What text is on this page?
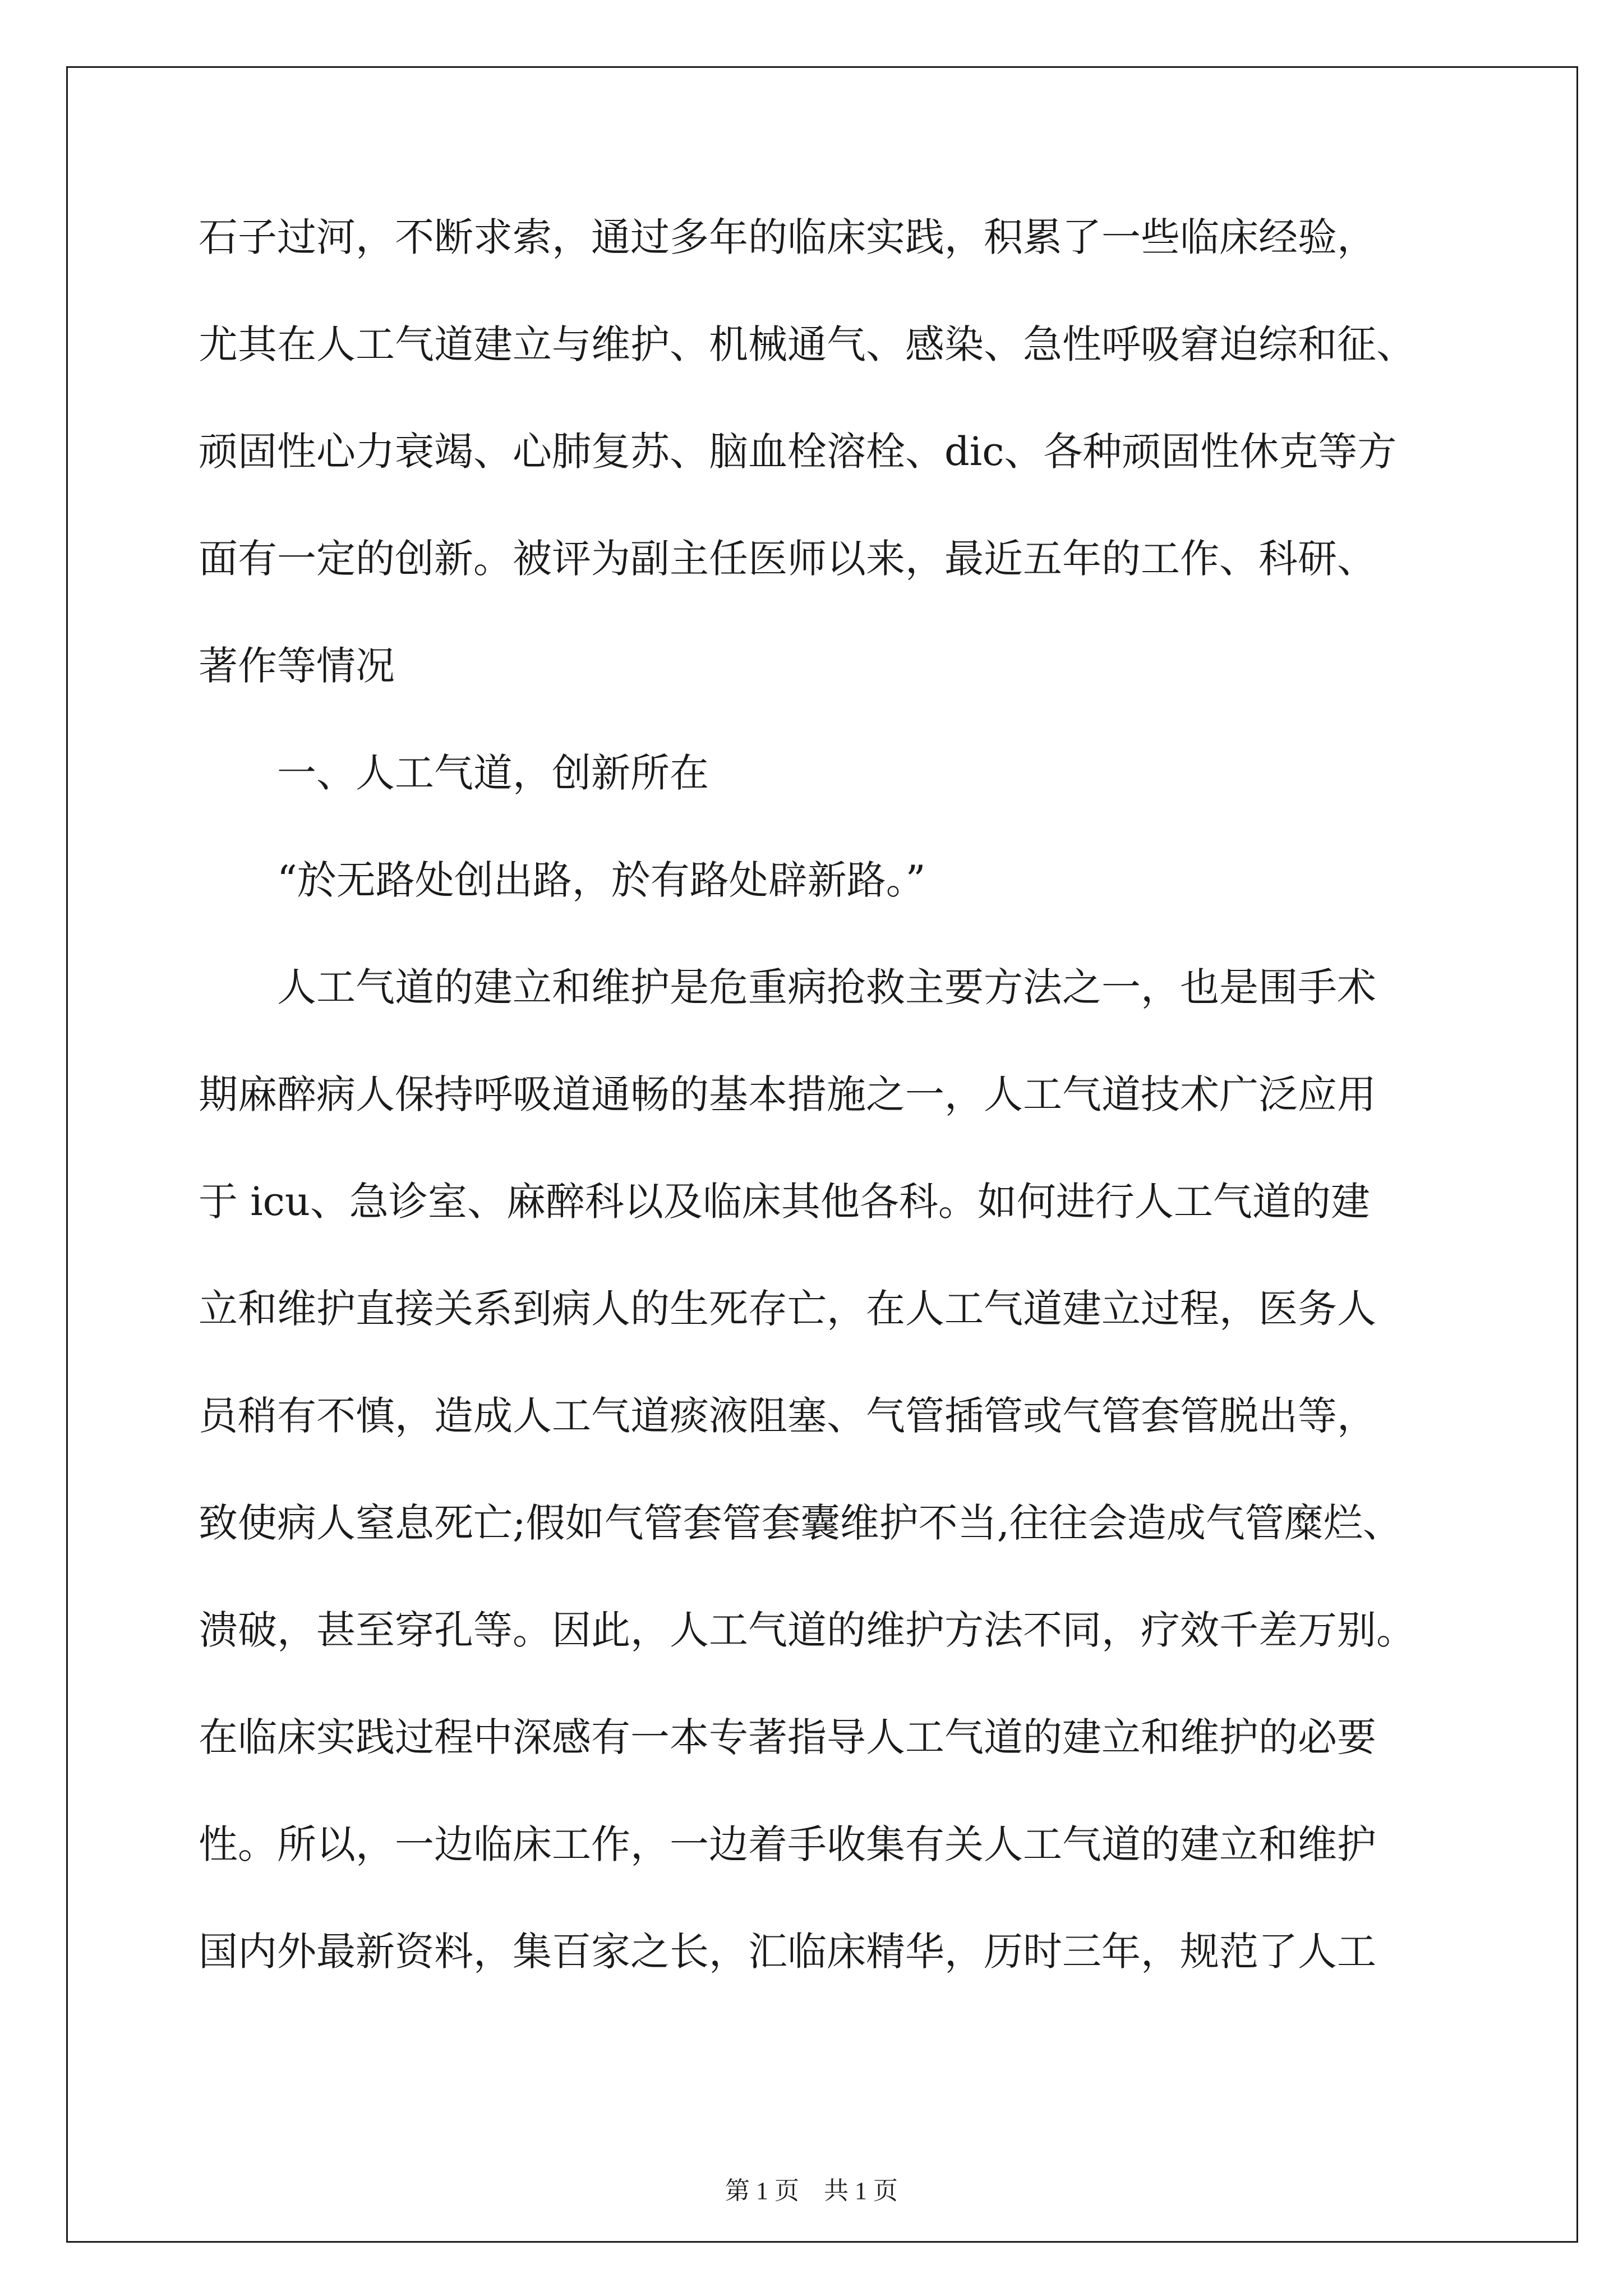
石子过河，不断求索，通过多年的临床实践，积累了一些临床经验，
尤其在人工气道建立与维护、机械通气、感染、急性呼吸窘迫综和征、
顽固性心力衰竭、心肺复苏、脑血栓溶栓、dic、各种顽固性休克等方
面有一定的创新。被评为副主任医师以来，最近五年的工作、科研、
著作等情况
一、人工气道，创新所在
“於无路处创出路，於有路处辟新路。”
人工气道的建立和维护是危重病抢救主要方法之一，也是围手术
期麻醉病人保持呼吸道通畅的基本措施之一，人工气道技术广泛应用
于 icu、急诊室、麻醉科以及临床其他各科。如何进行人工气道的建
立和维护直接关系到病人的生死存亡，在人工气道建立过程，医务人
员稍有不慎，造成人工气道痰液阻塞、气管插管或气管套管脱出等，
致使病人窒息死亡;假如气管套管套囊维护不当,往往会造成气管糜烂、
溃破，甚至穿孔等。因此，人工气道的维护方法不同，疗效千差万别。
在临床实践过程中深感有一本专著指导人工气道的建立和维护的必要
性。所以，一边临床工作，一边着手收集有关人工气道的建立和维护
国内外最新资料，集百家之长，汇临床精华，历时三年，规范了人工
第 1 页    共 1 页
